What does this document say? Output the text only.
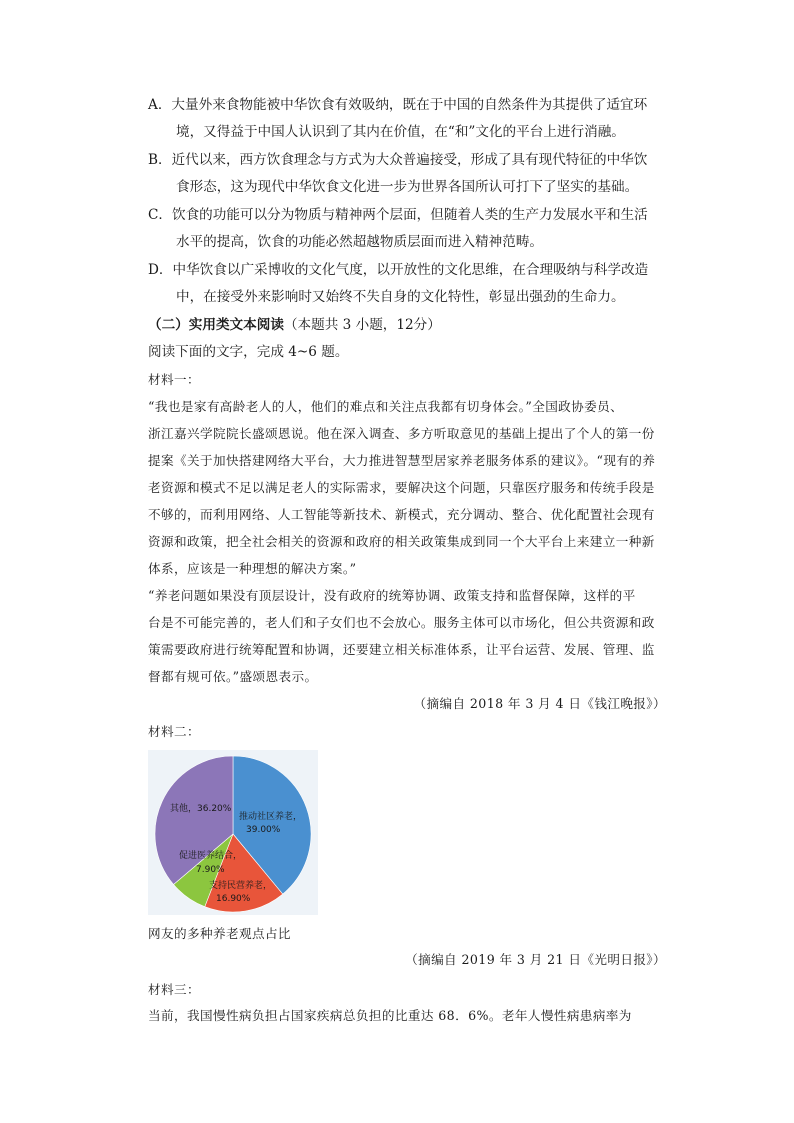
A．大量外来食物能被中华饮食有效吸纳，既在于中国的自然条件为其提供了适宜环
境，又得益于中国人认识到了其内在价值，在“和”文化的平台上进行消融。
B．近代以来，西方饮食理念与方式为大众普遍接受，形成了具有现代特征的中华饮
食形态，这为现代中华饮食文化进一步为世界各国所认可打下了坚实的基础。
C．饮食的功能可以分为物质与精神两个层面，但随着人类的生产力发展水平和生活
水平的提高，饮食的功能必然超越物质层面而进入精神范畴。
D．中华饮食以广采博收的文化气度，以开放性的文化思维，在合理吸纳与科学改造
中，在接受外来影响时又始终不失自身的文化特性，彰显出强劲的生命力。
（二）实用类文本阅读（本题共 3 小题，12分）
阅读下面的文字，完成 4~6 题。
材料一：
“我也是家有高龄老人的人，他们的难点和关注点我都有切身体会。”全国政协委员、
浙江嘉兴学院院长盛颂恩说。他在深入调查、多方听取意见的基础上提出了个人的第一份
提案《关于加快搭建网络大平台，大力推进智慧型居家养老服务体系的建议》。“现有的养
老资源和模式不足以满足老人的实际需求，要解决这个问题，只靠医疗服务和传统手段是
不够的，而利用网络、人工智能等新技术、新模式，充分调动、整合、优化配置社会现有
资源和政策，把全社会相关的资源和政府的相关政策集成到同一个大平台上来建立一种新
体系，应该是一种理想的解决方案。”
“养老问题如果没有顶层设计，没有政府的统筹协调、政策支持和监督保障，这样的平
台是不可能完善的，老人们和子女们也不会放心。服务主体可以市场化，但公共资源和政
策需要政府进行统筹配置和协调，还要建立相关标准体系，让平台运营、发展、管理、监
督都有规可依。”盛颂恩表示。
（摘编自 2018 年 3 月 4 日《钱江晚报》）
材料二：
推动社区养老，
39.00%
支持民营养老，
16.90%
促进医养结合，
7.90%
其他，36.20%
网友的多种养老观点占比
（摘编自 2019 年 3 月 21 日《光明日报》）
材料三：
当前，我国慢性病负担占国家疾病总负担的比重达 68．6%。老年人慢性病患病率为
